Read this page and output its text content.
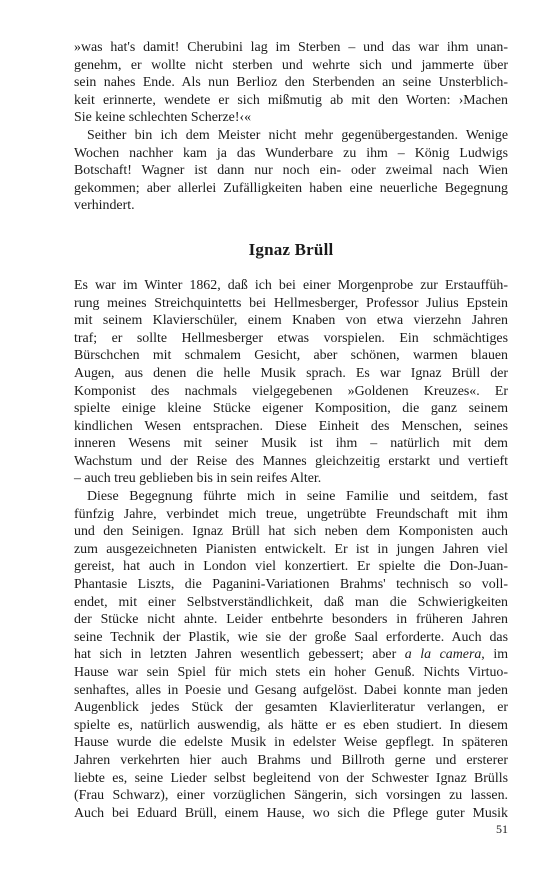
»was hat's damit! Cherubini lag im Sterben – und das war ihm unan-
genehm, er wollte nicht sterben und wehrte sich und jammerte über
sein nahes Ende. Als nun Berlioz den Sterbenden an seine Unsterblich-
keit erinnerte, wendete er sich mißmutig ab mit den Worten: ›Machen
Sie keine schlechten Scherze!‹«
Seither bin ich dem Meister nicht mehr gegenübergestanden. Wenige
Wochen nachher kam ja das Wunderbare zu ihm – König Ludwigs
Botschaft! Wagner ist dann nur noch ein- oder zweimal nach Wien
gekommen; aber allerlei Zufälligkeiten haben eine neuerliche Begegnung
verhindert.
Ignaz Brüll
Es war im Winter 1862, daß ich bei einer Morgenprobe zur Erstauffüh-
rung meines Streichquintetts bei Hellmesberger, Professor Julius Epstein
mit seinem Klavierschüler, einem Knaben von etwa vierzehn Jahren
traf; er sollte Hellmesberger etwas vorspielen. Ein schmächtiges
Bürschchen mit schmalem Gesicht, aber schönen, warmen blauen
Augen, aus denen die helle Musik sprach. Es war Ignaz Brüll der
Komponist des nachmals vielgegebenen »Goldenen Kreuzes«. Er
spielte einige kleine Stücke eigener Komposition, die ganz seinem
kindlichen Wesen entsprachen. Diese Einheit des Menschen, seines
inneren Wesens mit seiner Musik ist ihm – natürlich mit dem
Wachstum und der Reise des Mannes gleichzeitig erstarkt und vertieft
– auch treu geblieben bis in sein reifes Alter.
Diese Begegnung führte mich in seine Familie und seitdem, fast
fünfzig Jahre, verbindet mich treue, ungetrübte Freundschaft mit ihm
und den Seinigen. Ignaz Brüll hat sich neben dem Komponisten auch
zum ausgezeichneten Pianisten entwickelt. Er ist in jungen Jahren viel
gereist, hat auch in London viel konzertiert. Er spielte die Don-Juan-
Phantasie Liszts, die Paganini-Variationen Brahms' technisch so voll-
endet, mit einer Selbstverständlichkeit, daß man die Schwierigkeiten
der Stücke nicht ahnte. Leider entbehrte besonders in früheren Jahren
seine Technik der Plastik, wie sie der große Saal erforderte. Auch das
hat sich in letzten Jahren wesentlich gebessert; aber a la camera, im
Hause war sein Spiel für mich stets ein hoher Genuß. Nichts Virtuo-
senhaftes, alles in Poesie und Gesang aufgelöst. Dabei konnte man jeden
Augenblick jedes Stück der gesamten Klavierliteratur verlangen, er
spielte es, natürlich auswendig, als hätte er es eben studiert. In diesem
Hause wurde die edelste Musik in edelster Weise gepflegt. In späteren
Jahren verkehrten hier auch Brahms und Billroth gerne und ersterer
liebte es, seine Lieder selbst begleitend von der Schwester Ignaz Brülls
(Frau Schwarz), einer vorzüglichen Sängerin, sich vorsingen zu lassen.
Auch bei Eduard Brüll, einem Hause, wo sich die Pflege guter Musik
51
